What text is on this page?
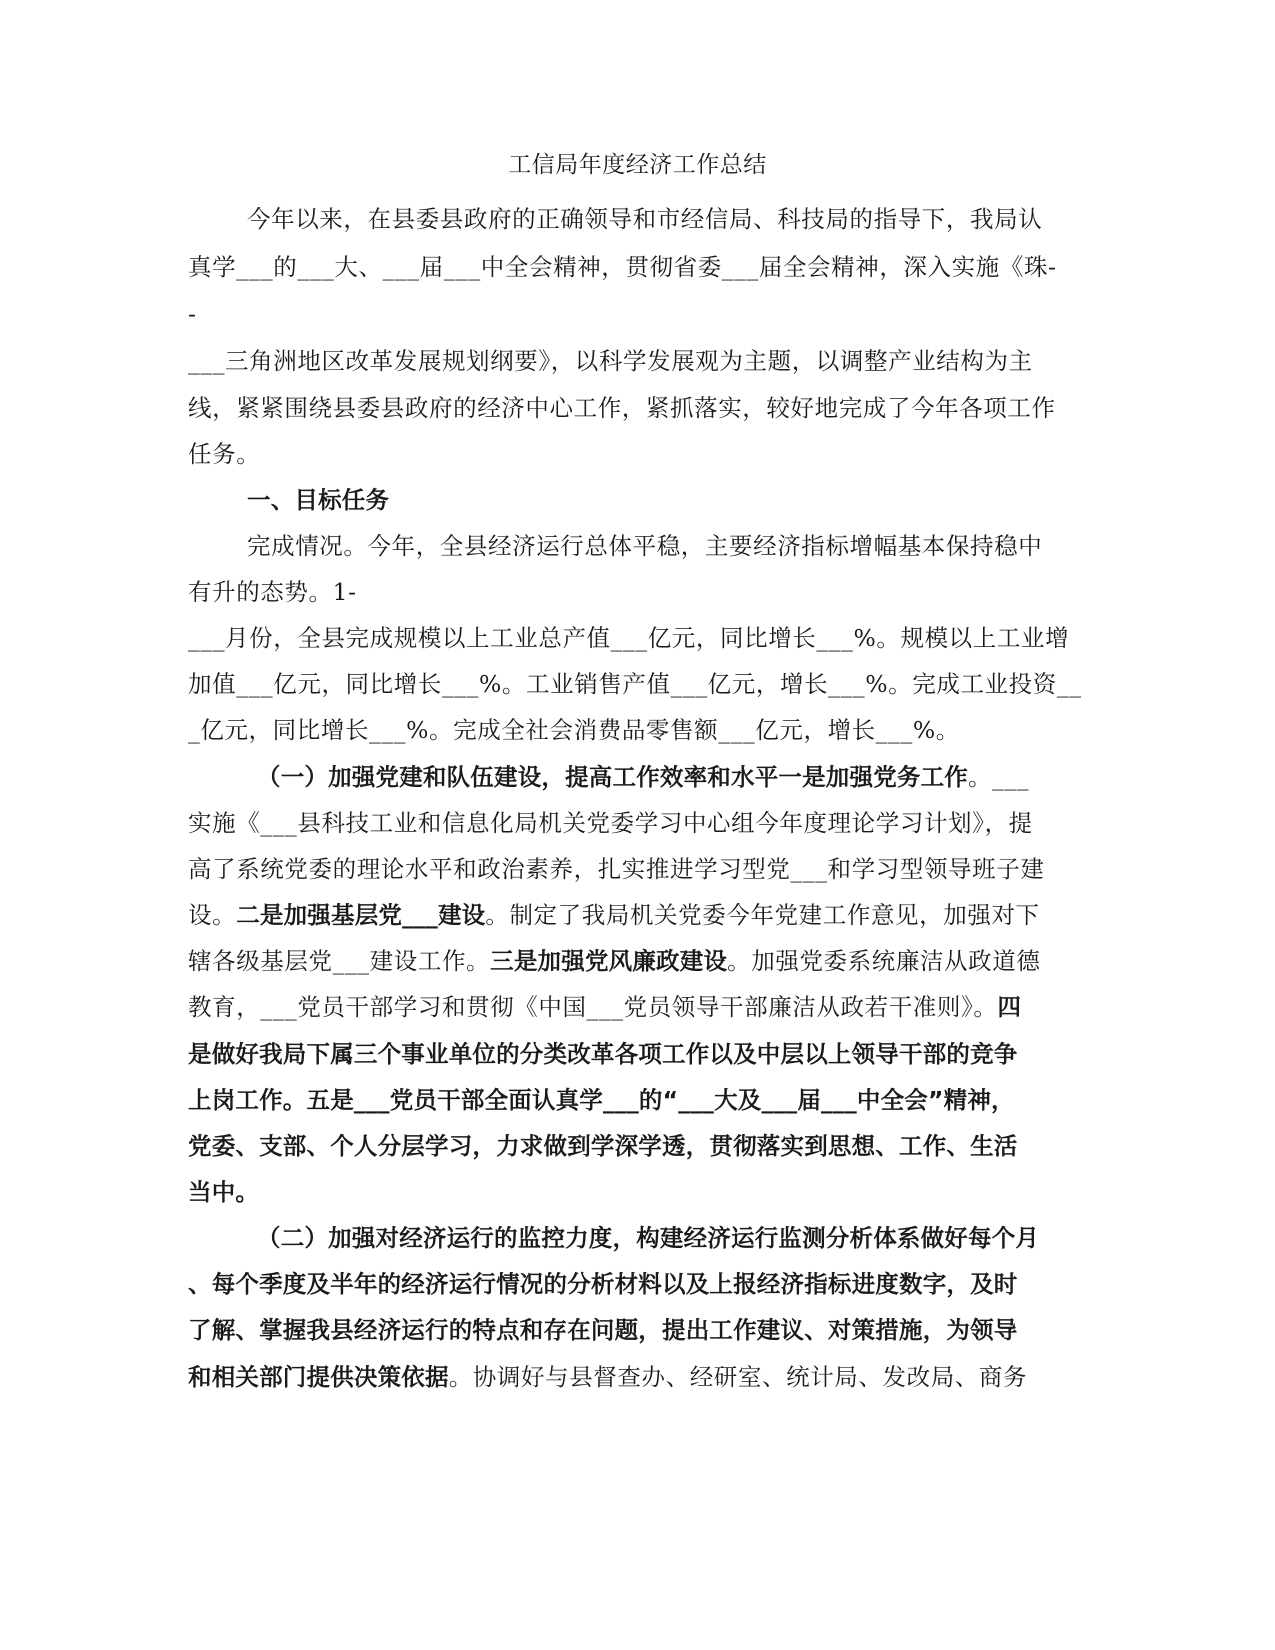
工信局年度经济工作总结
今年以来，在县委县政府的正确领导和市经信局、科技局的指导下，我局认
真学___的___大、___届___中全会精神，贯彻省委___届全会精神，深入实施《珠-
-
___三角洲地区改革发展规划纲要》，以科学发展观为主题，以调整产业结构为主
线，紧紧围绕县委县政府的经济中心工作，紧抓落实，较好地完成了今年各项工作
任务。
一、目标任务
完成情况。今年，全县经济运行总体平稳，主要经济指标增幅基本保持稳中
有升的态势。1-
___月份，全县完成规模以上工业总产值___亿元，同比增长___%。规模以上工业增
加值___亿元，同比增长___%。工业销售产值___亿元，增长___%。完成工业投资__
_亿元，同比增长___%。完成全社会消费品零售额___亿元，增长___%。
（一）加强党建和队伍建设，提高工作效率和水平一是加强党务工作。___
实施《___县科技工业和信息化局机关党委学习中心组今年度理论学习计划》，提
高了系统党委的理论水平和政治素养，扎实推进学习型党___和学习型领导班子建
设。二是加强基层党___建设。制定了我局机关党委今年党建工作意见，加强对下
辖各级基层党___建设工作。三是加强党风廉政建设。加强党委系统廉洁从政道德
教育，___党员干部学习和贯彻《中国___党员领导干部廉洁从政若干准则》。四
是做好我局下属三个事业单位的分类改革各项工作以及中层以上领导干部的竞争
上岗工作。五是___党员干部全面认真学___的“___大及___届___中全会”精神，
党委、支部、个人分层学习，力求做到学深学透，贯彻落实到思想、工作、生活
当中。
（二）加强对经济运行的监控力度，构建经济运行监测分析体系做好每个月
、每个季度及半年的经济运行情况的分析材料以及上报经济指标进度数字，及时
了解、掌握我县经济运行的特点和存在问题，提出工作建议、对策措施，为领导
和相关部门提供决策依据。协调好与县督查办、经研室、统计局、发改局、商务
